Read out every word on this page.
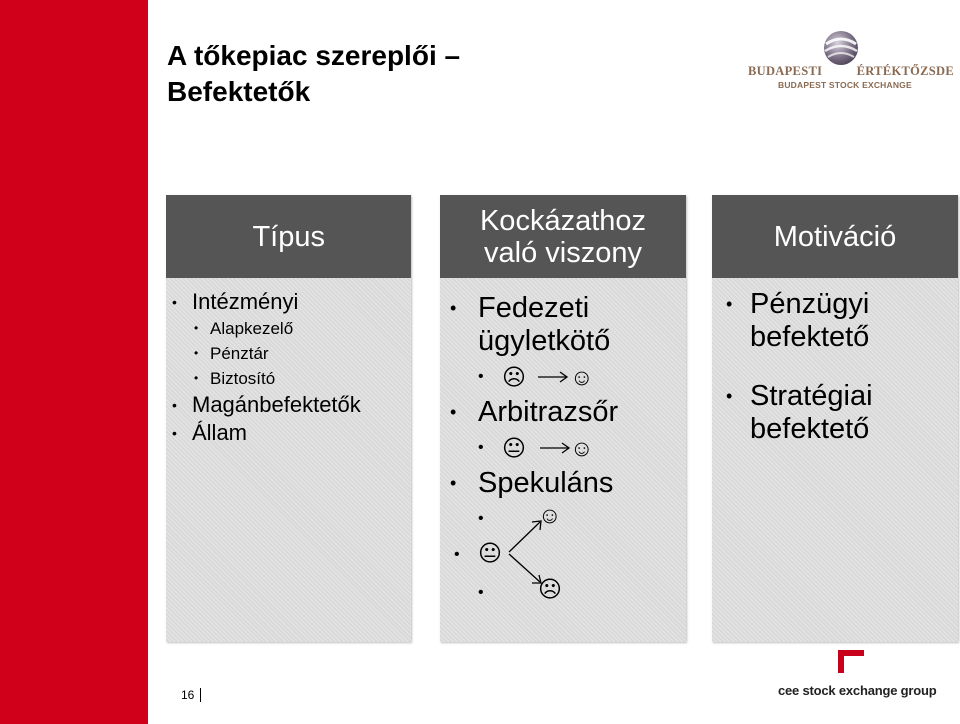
A tőkepiac szereplői –
Befektetők
BUDAPESTI	ÉRTÉKTŐZSDE
BUDAPEST STOCK EXCHANGE
Típus
• Intézményi
• Alapkezelő
• Pénztár
• Biztosító
• Magánbefektetők
• Állam
Kockázathoz
való viszony
• Fedezeti
ügyletkötő
• ☹ ☺
• Arbitrazsőr
• 😐 ☺
• Spekuláns
• ☺
• 😐
• ☹
Motiváció
• Pénzügyi
befektető
• Stratégiai
befektető
16	cee stock exchange group
